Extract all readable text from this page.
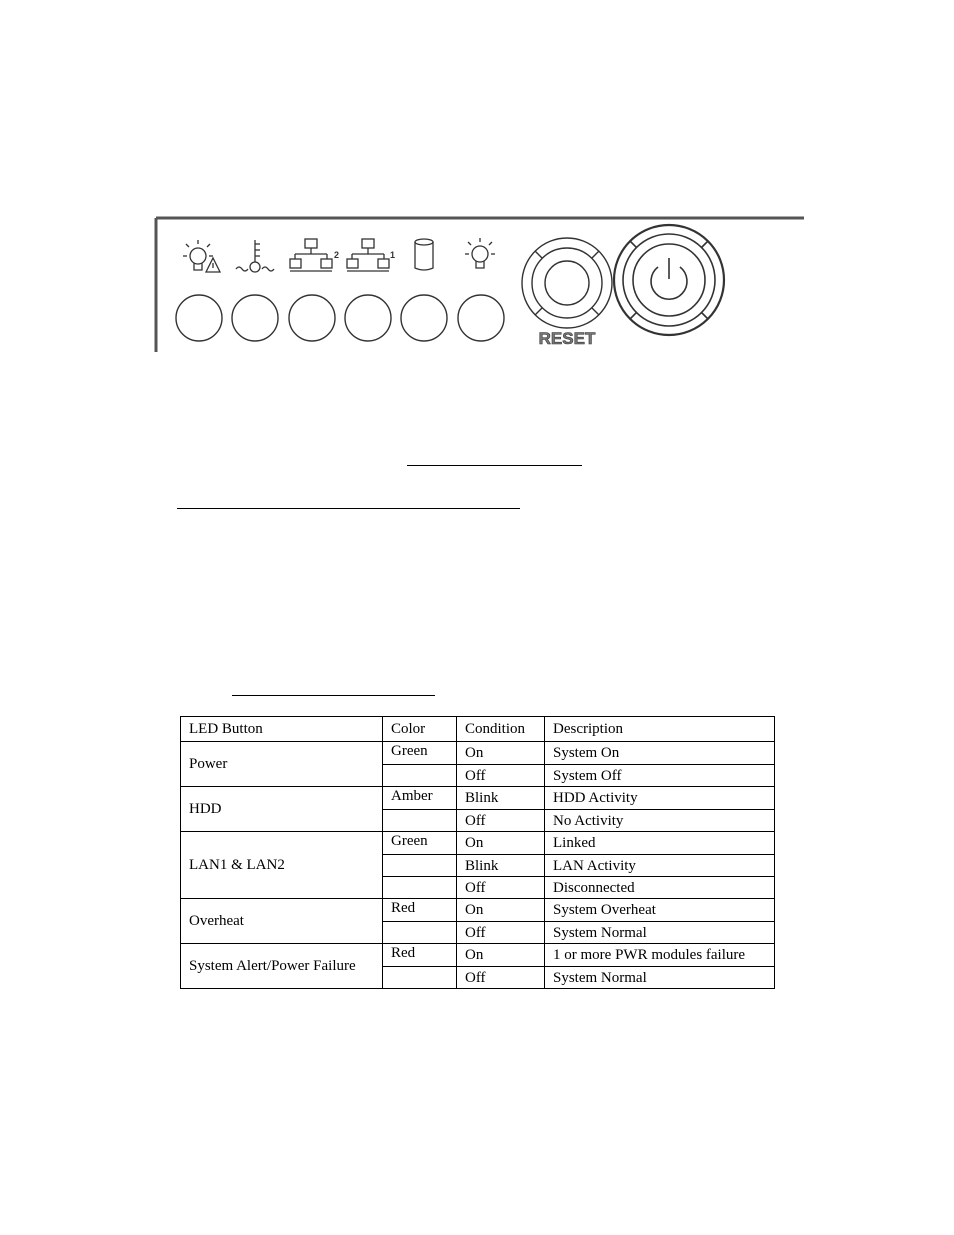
2	1
RESET
LED Button	Color	Condition	Description
Power	Green	On	System On
		Off	System Off
HDD	Amber	Blink	HDD Activity
		Off	No Activity
LAN1 & LAN2	Green	On	Linked
		Blink	LAN Activity
		Off	Disconnected
Overheat	Red	On	System Overheat
		Off	System Normal
System Alert/Power Failure	Red	On	1 or more PWR modules failure
		Off	System Normal
